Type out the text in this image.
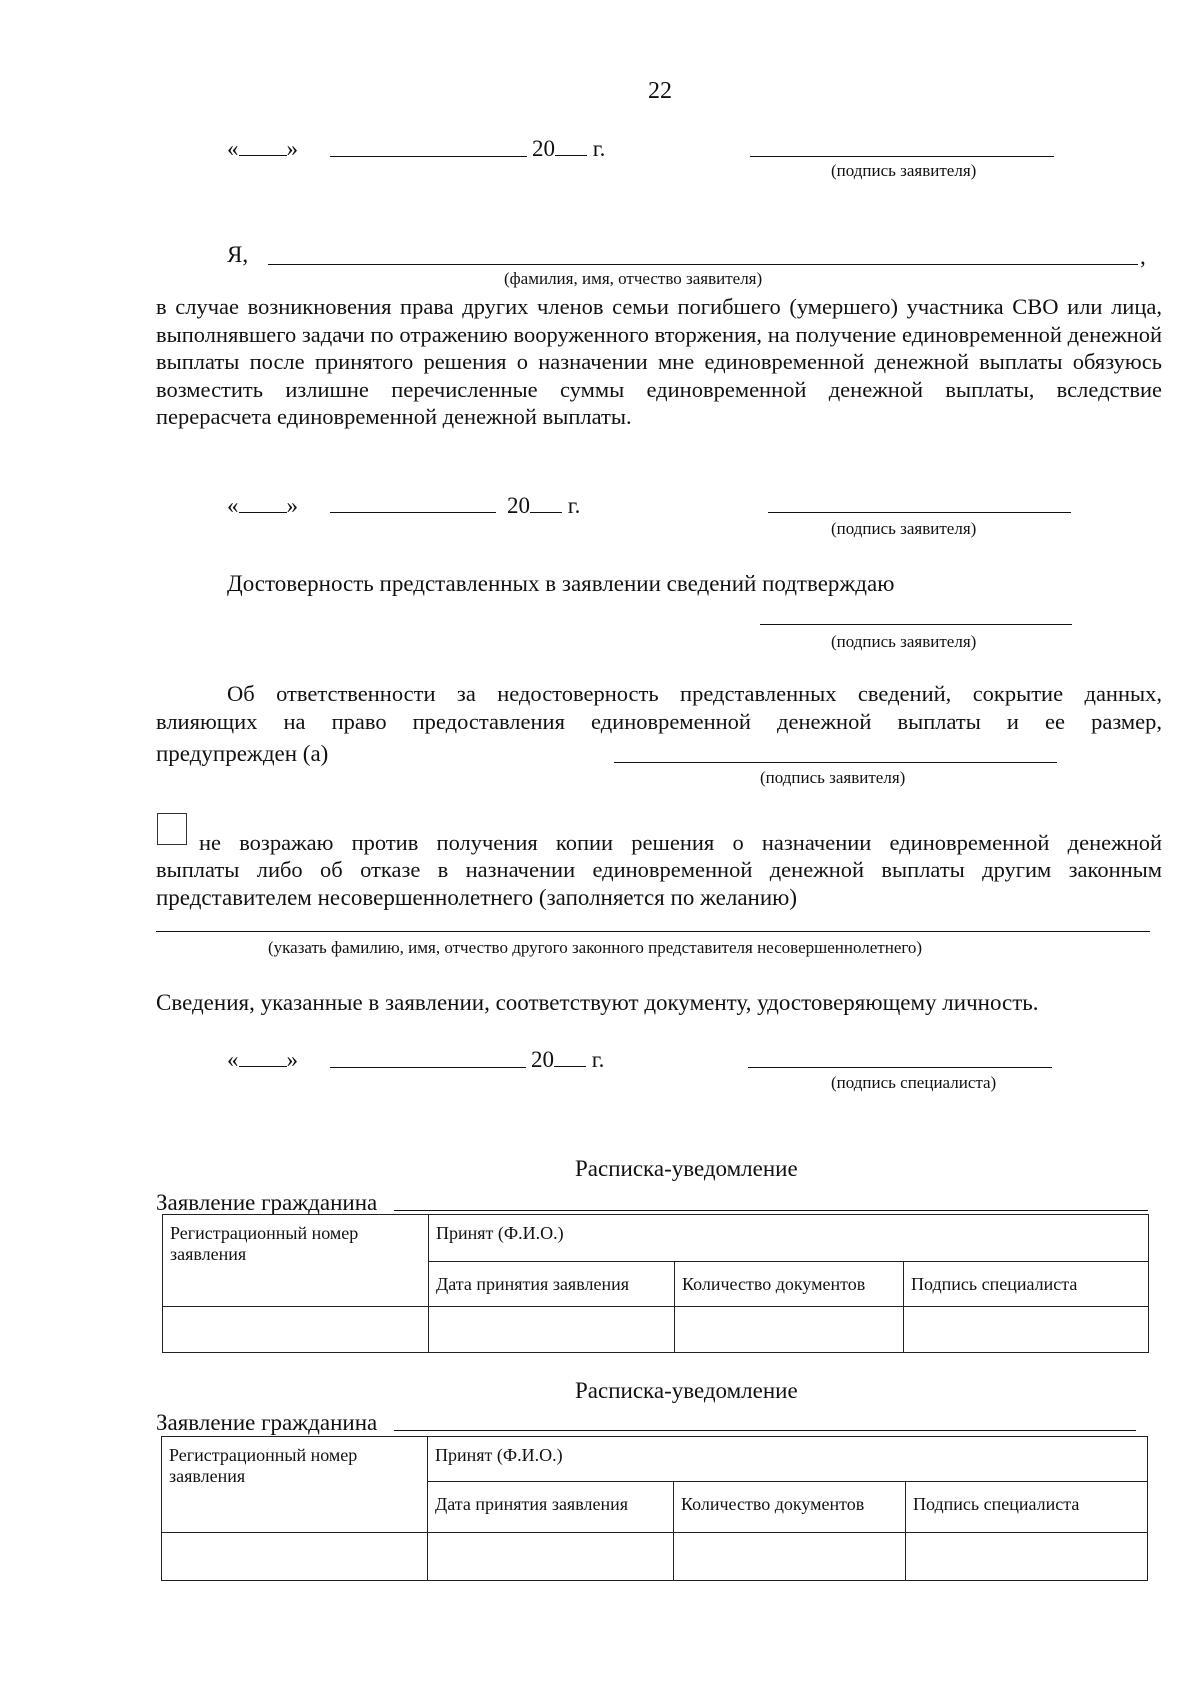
22
« »	20 г.
(подпись заявителя)
Я,	,
(фамилия, имя, отчество заявителя)
в случае возникновения права других членов семьи погибшего (умершего) участника СВО или лица, выполнявшего задачи по отражению вооруженного вторжения, на получение единовременной денежной выплаты после принятого решения о назначении мне единовременной денежной выплаты обязуюсь возместить излишне перечисленные суммы единовременной денежной выплаты, вследствие перерасчета единовременной денежной выплаты.
« »	20 г.
(подпись заявителя)
Достоверность представленных в заявлении сведений подтверждаю
(подпись заявителя)
Об ответственности за недостоверность представленных сведений, сокрытие данных,
влияющих на право предоставления единовременной денежной выплаты и ее размер,
предупрежден (а)
(подпись заявителя)
не возражаю против получения копии решения о назначении единовременной денежной
выплаты либо об отказе в назначении единовременной денежной выплаты другим законным
представителем несовершеннолетнего (заполняется по желанию)
(указать фамилию, имя, отчество другого законного представителя несовершеннолетнего)
Сведения, указанные в заявлении, соответствуют документу, удостоверяющему личность.
« »	20 г.
(подпись специалиста)
Расписка-уведомление
Заявление гражданина
Регистрационный номер заявления	Принят (Ф.И.О.)		

	Дата принятия заявления	Количество документов	Подпись специалиста

Расписка-уведомление
Заявление гражданина
Регистрационный номер заявления	Принят (Ф.И.О.)		

	Дата принятия заявления	Количество документов	Подпись специалиста
